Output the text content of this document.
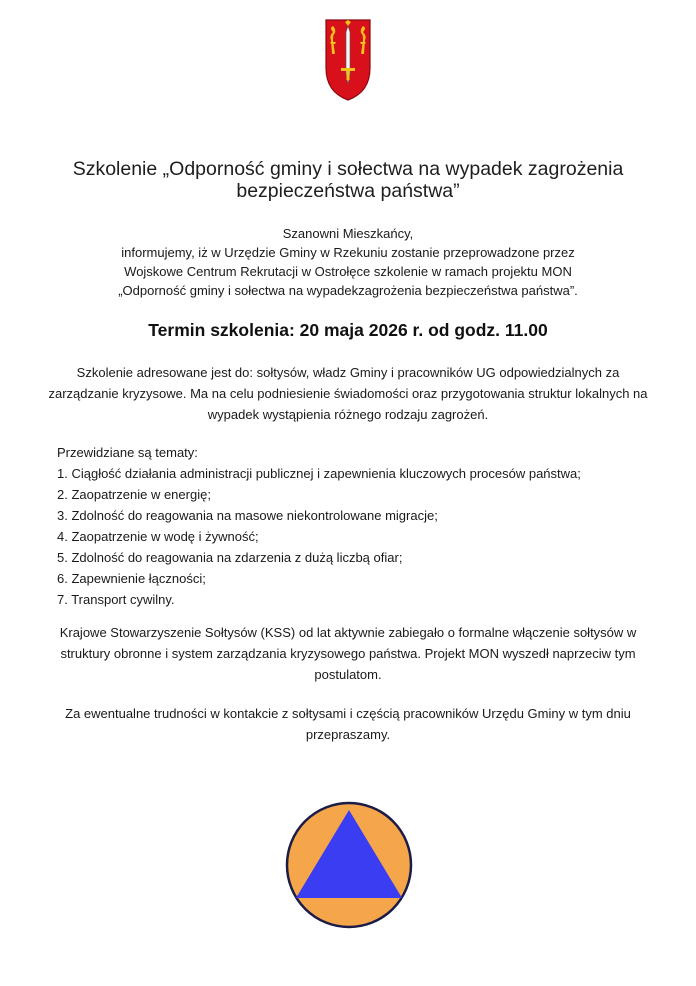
Szkolenie „Odporność gminy i sołectwa na wypadek zagrożenia
bezpieczeństwa państwa”
Szanowni Mieszkańcy,
informujemy, iż w Urzędzie Gminy w Rzekuniu zostanie przeprowadzone przez
Wojskowe Centrum Rekrutacji w Ostrołęce szkolenie w ramach projektu MON
„Odporność gminy i sołectwa na wypadekzagrożenia bezpieczeństwa państwa”.
Termin szkolenia: 20 maja 2026 r. od godz. 11.00

Szkolenie adresowane jest do: sołtysów, władz Gminy i pracowników UG odpowiedzialnych za zarządzanie kryzysowe. Ma na celu podniesienie świadomości oraz przygotowania struktur lokalnych na wypadek wystąpienia różnego rodzaju zagrożeń.

Przewidziane są tematy:
1. Ciągłość działania administracji publicznej i zapewnienia kluczowych procesów państwa;
2. Zaopatrzenie w energię;
3. Zdolność do reagowania na masowe niekontrolowane migracje;
4. Zaopatrzenie w wodę i żywność;
5. Zdolność do reagowania na zdarzenia z dużą liczbą ofiar;
6. Zapewnienie łączności;
7. Transport cywilny.

Krajowe Stowarzyszenie Sołtysów (KSS) od lat aktywnie zabiegało o formalne włączenie sołtysów w struktury obronne i system zarządzania kryzysowego państwa. Projekt MON wyszedł naprzeciw tym postulatom.

Za ewentualne trudności w kontakcie z sołtysami i częścią pracowników Urzędu Gminy w tym dniu przepraszamy.
